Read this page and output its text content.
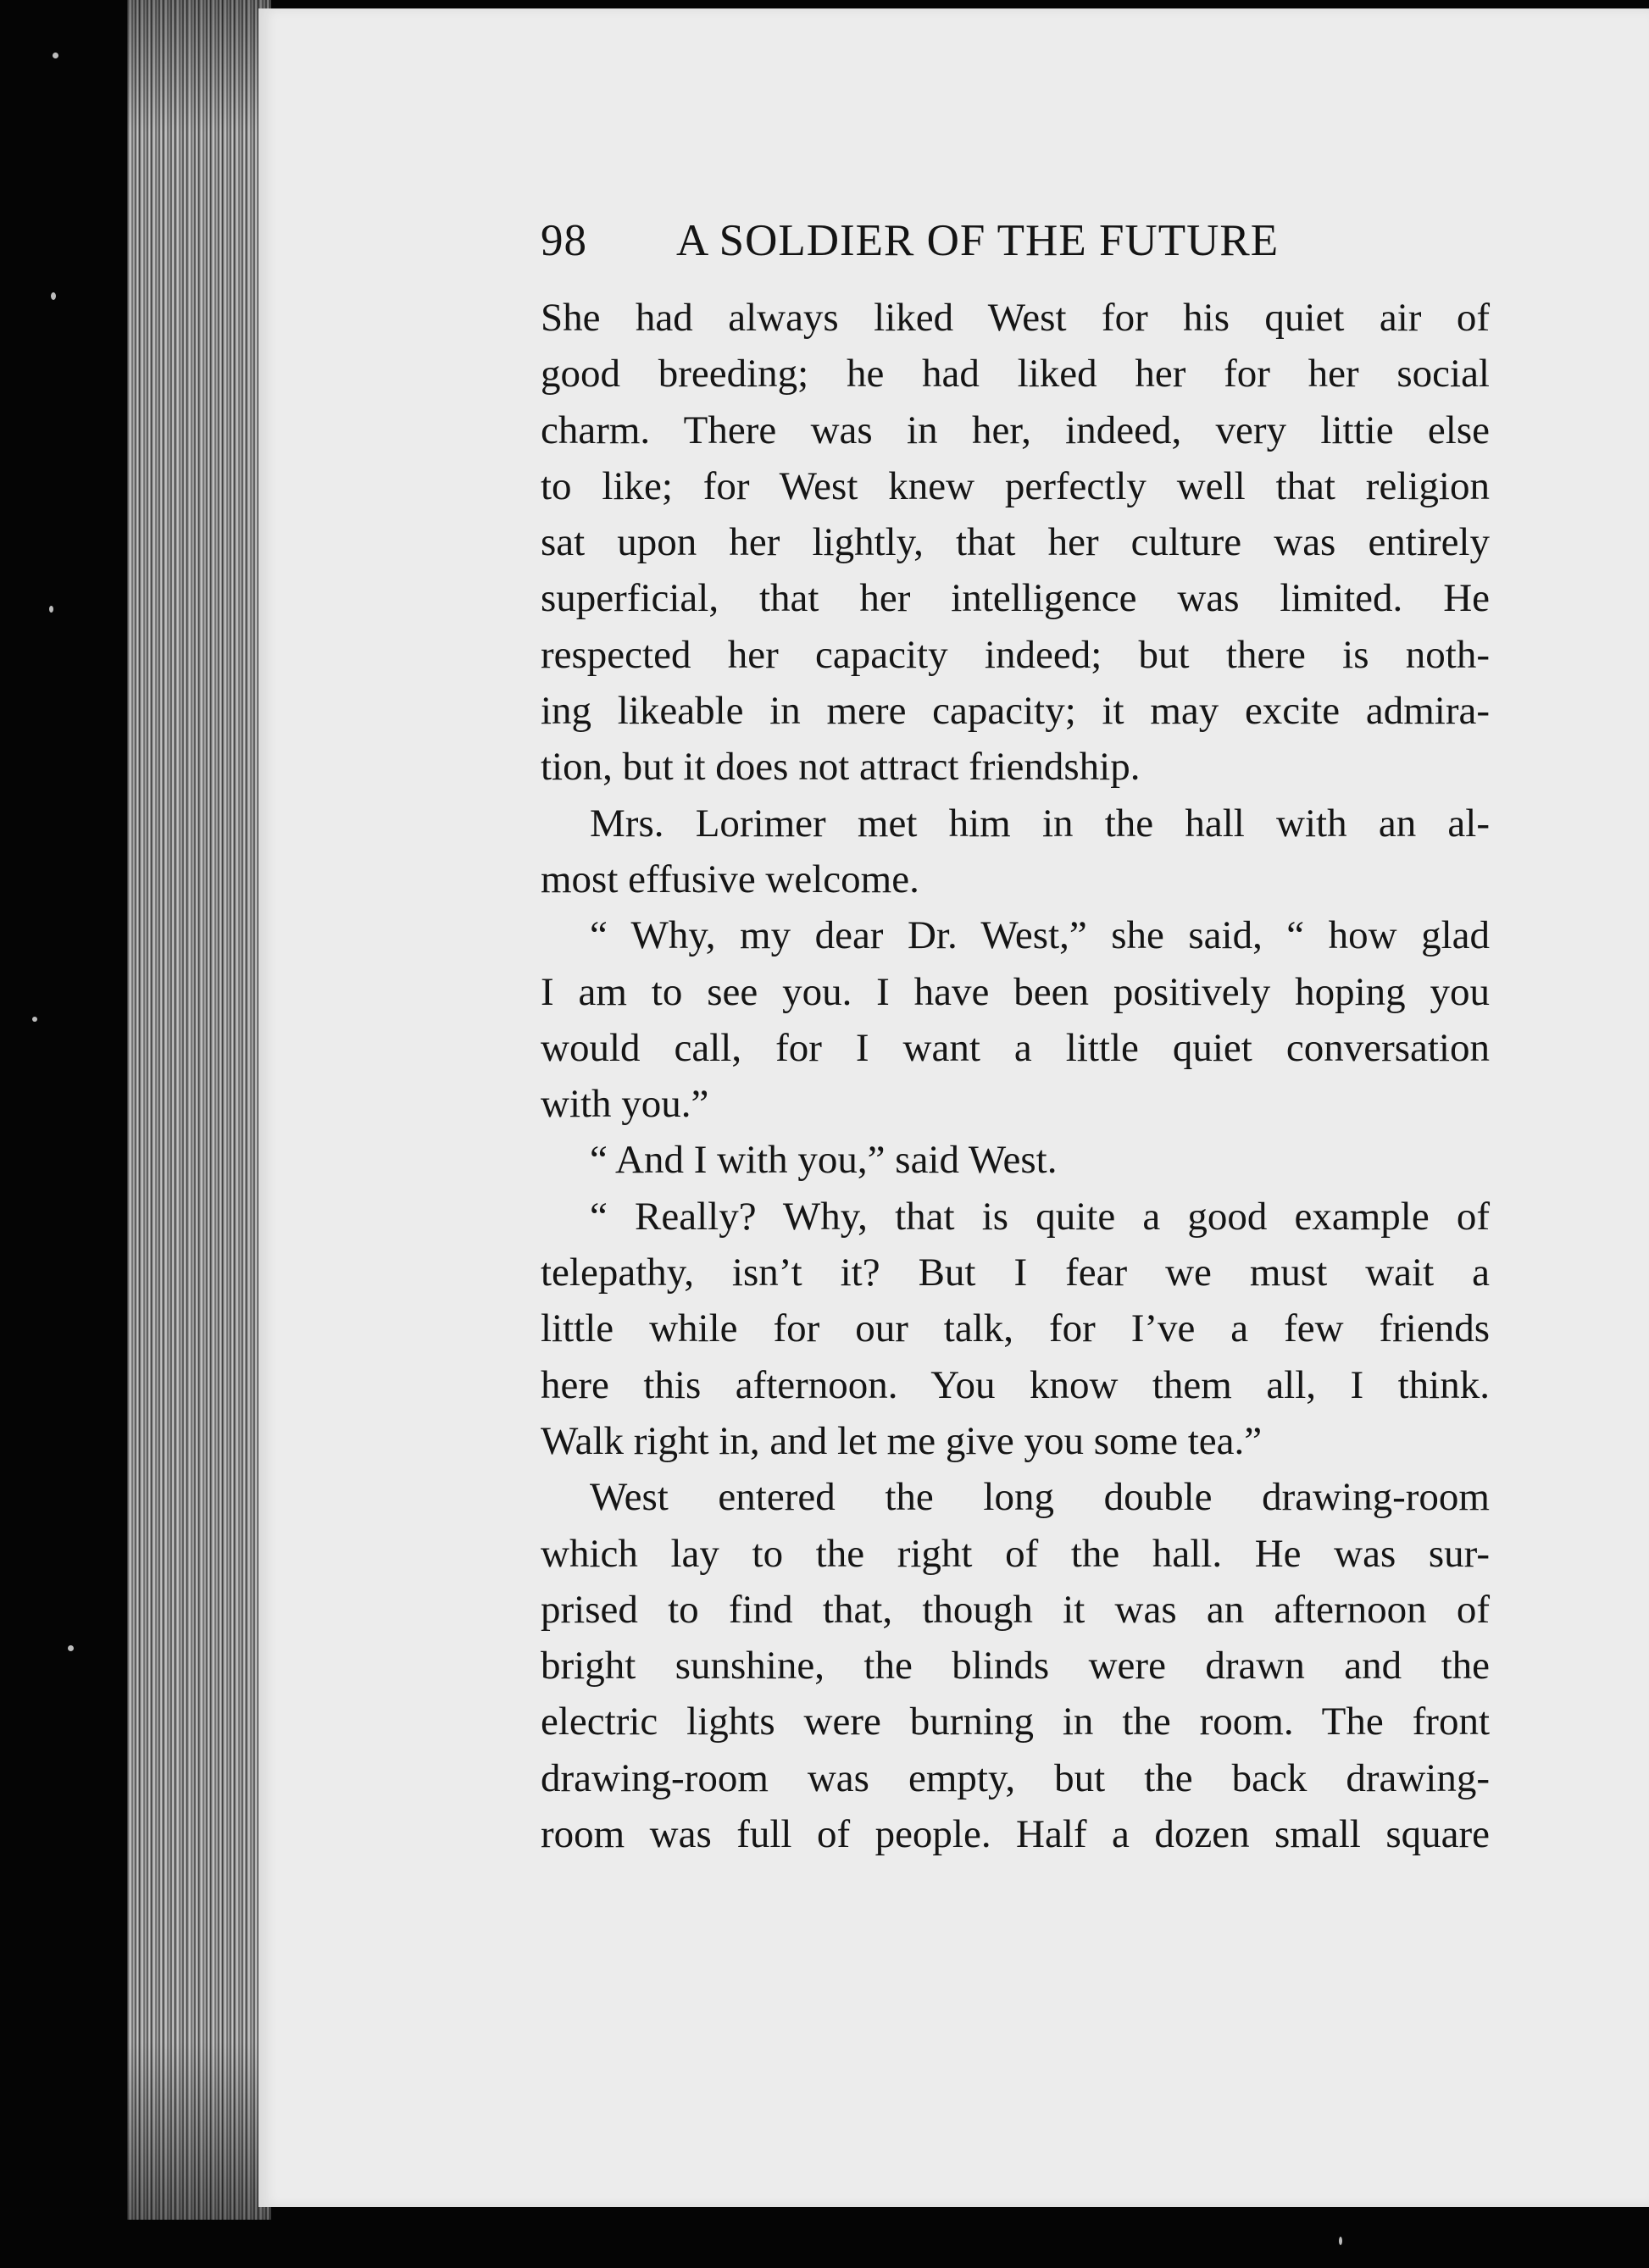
98 A SOLDIER OF THE FUTURE
She had always liked West for his quiet air of
good breeding; he had liked her for her social
charm. There was in her, indeed, very littie else
to like; for West knew perfectly well that religion
sat upon her lightly, that her culture was entirely
superficial, that her intelligence was limited. He
respected her capacity indeed; but there is noth-
ing likeable in mere capacity; it may excite admira-
tion, but it does not attract friendship.
Mrs. Lorimer met him in the hall with an al-
most effusive welcome.
“ Why, my dear Dr. West,” she said, “ how glad
I am to see you. I have been positively hoping you
would call, for I want a little quiet conversation
with you.”
“ And I with you,” said West.
“ Really? Why, that is quite a good example of
telepathy, isn’t it? But I fear we must wait a
little while for our talk, for I’ve a few friends
here this afternoon. You know them all, I think.
Walk right in, and let me give you some tea.”
West entered the long double drawing-room
which lay to the right of the hall. He was sur-
prised to find that, though it was an afternoon of
bright sunshine, the blinds were drawn and the
electric lights were burning in the room. The front
drawing-room was empty, but the back drawing-
room was full of people. Half a dozen small square
